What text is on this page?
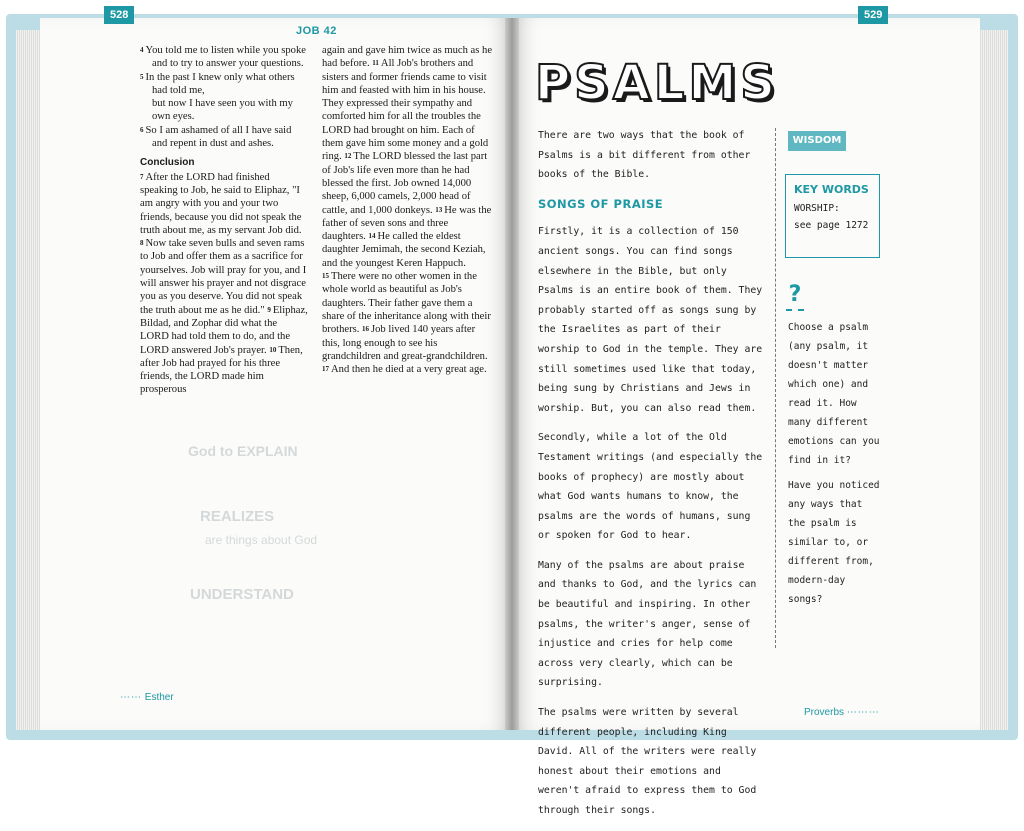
God to EXPLAIN
REALIZES
are things about God
UNDERSTAND
528
JOB 42

$^4$ You told me to listen while you spoke

and to try to answer your questions.

$^5$ In the past I knew only what others

had told me,

but now I have seen you with my

own eyes.

$^6$ So I am ashamed of all I have said

and repent in dust and ashes.

Conclusion

$^7$ After the LORD had finished speaking to Job, he said to Eliphaz, "I am angry with you and your two friends, because you did not speak the truth about me, as my servant Job did. $^8$ Now take seven bulls and seven rams to Job and offer them as a sacrifice for yourselves. Job will pray for you, and I will answer his prayer and not disgrace you as you deserve. You did not speak the truth about me as he did." $^9$ Eliphaz, Bildad, and Zophar did what the LORD had told them to do, and the LORD answered Job's prayer. $^{10}$ Then, after Job had prayed for his three friends, the LORD made him prosperous

again and gave him twice as much as he had before. $^{11}$ All Job's brothers and sisters and former friends came to visit him and feasted with him in his house. They expressed their sympathy and comforted him for all the troubles the LORD had brought on him. Each of them gave him some money and a gold ring. $^{12}$ The LORD blessed the last part of Job's life even more than he had blessed the first. Job owned 14,000 sheep, 6,000 camels, 2,000 head of cattle, and 1,000 donkeys. $^{13}$ He was the father of seven sons and three daughters. $^{14}$ He called the eldest daughter Jemimah, the second Keziah, and the youngest Keren Happuch. $^{15}$ There were no other women in the whole world as beautiful as Job's daughters. Their father gave them a share of the inheritance along with their brothers. $^{16}$ Job lived 140 years after this, long enough to see his grandchildren and great-grandchildren. $^{17}$ And then he died at a very great age.

⋯⋯ Esther
529
PSALMS

There are two ways that the book of Psalms is a bit different from other books of the Bible.

SONGS OF PRAISE

Firstly, it is a collection of 150 ancient songs. You can find songs elsewhere in the Bible, but only Psalms is an entire book of them. They probably started off as songs sung by the Israelites as part of their worship to God in the temple. They are still sometimes used like that today, being sung by Christians and Jews in worship. But, you can also read them.

Secondly, while a lot of the Old Testament writings (and especially the books of prophecy) are mostly about what God wants humans to know, the psalms are the words of humans, sung or spoken for God to hear.

Many of the psalms are about praise and thanks to God, and the lyrics can be beautiful and inspiring. In other psalms, the writer's anger, sense of injustice and cries for help come across very clearly, which can be surprising.

The psalms were written by several different people, including King David. All of the writers were really honest about their emotions and weren't afraid to express them to God through their songs.

WISDOM
KEY WORDS
WORSHIP:
see page 1272
?

Choose a psalm (any psalm, it doesn't matter which one) and read it. How many different emotions can you find in it?

Have you noticed any ways that the psalm is similar to, or different from, modern-day songs?

Proverbs ⋯⋯⋯
